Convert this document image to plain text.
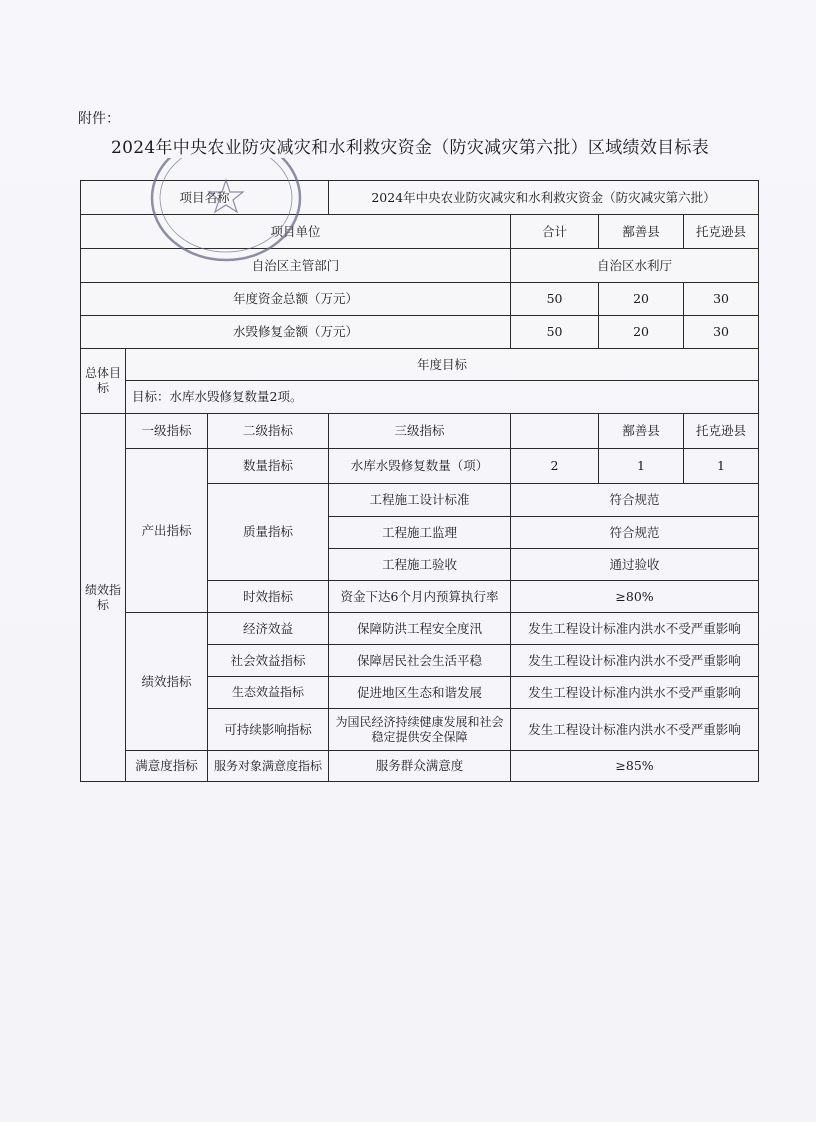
附件：
2024年中央农业防灾减灾和水利救灾资金（防灾减灾第六批）区域绩效目标表
项目名称			2024年中央农业防灾减灾和水利救灾资金（防灾减灾第六批）			
项目单位				合计	鄯善县	托克逊县
自治区主管部门				自治区水利厅		
年度资金总额（万元）				50	20	30
水毁修复金额（万元）				50	20	30
总体目标	年度目标					
	目标：水库水毁修复数量2项。					
绩效指标	一级指标	二级指标	三级指标		鄯善县	托克逊县
	产出指标	数量指标	水库水毁修复数量（项）	2	1	1
		质量指标	工程施工设计标准	符合规范		
			工程施工监理	符合规范		
			工程施工验收	通过验收		
		时效指标	资金下达6个月内预算执行率	≥80%		
	绩效指标	经济效益	保障防洪工程安全度汛	发生工程设计标准内洪水不受严重影响		
		社会效益指标	保障居民社会生活平稳	发生工程设计标准内洪水不受严重影响		
		生态效益指标	促进地区生态和谐发展	发生工程设计标准内洪水不受严重影响		
		可持续影响指标	为国民经济持续健康发展和社会稳定提供安全保障	发生工程设计标准内洪水不受严重影响		
	满意度指标	服务对象满意度指标	服务群众满意度	≥85%		
